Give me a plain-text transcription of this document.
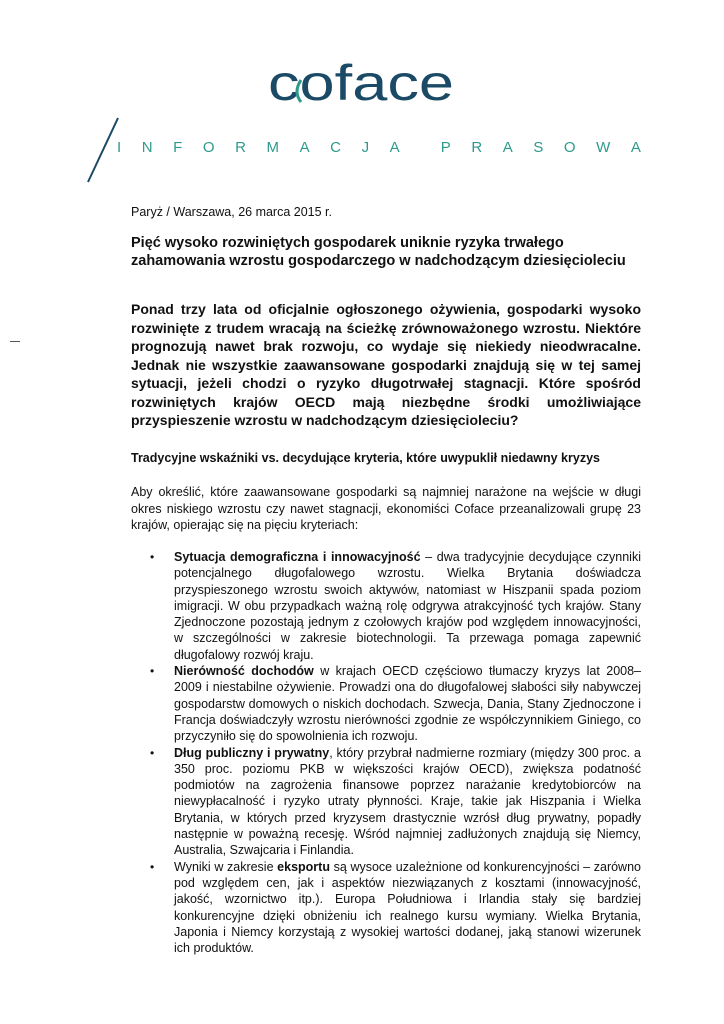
coface
I N F O R M A C J A	P R A S O W A
Paryż / Warszawa, 26 marca 2015 r.
Pięć wysoko rozwiniętych gospodarek uniknie ryzyka trwałego zahamowania wzrostu gospodarczego w nadchodzącym dziesięcioleciu
Ponad trzy lata od oficjalnie ogłoszonego ożywienia, gospodarki wysoko rozwinięte z trudem wracają na ścieżkę zrównoważonego wzrostu. Niektóre prognozują nawet brak rozwoju, co wydaje się niekiedy nieodwracalne. Jednak nie wszystkie zaawansowane gospodarki znajdują się w tej samej sytuacji, jeżeli chodzi o ryzyko długotrwałej stagnacji. Które spośród rozwiniętych krajów OECD mają niezbędne środki umożliwiające przyspieszenie wzrostu w nadchodzącym dziesięcioleciu?
Tradycyjne wskaźniki vs. decydujące kryteria, które uwypuklił niedawny kryzys
Aby określić, które zaawansowane gospodarki są najmniej narażone na wejście w długi okres niskiego wzrostu czy nawet stagnacji, ekonomiści Coface przeanalizowali grupę 23 krajów, opierając się na pięciu kryteriach:
• Sytuacja demograficzna i innowacyjność – dwa tradycyjnie decydujące czynniki potencjalnego długofalowego wzrostu. Wielka Brytania doświadcza przyspieszonego wzrostu swoich aktywów, natomiast w Hiszpanii spada poziom imigracji. W obu przypadkach ważną rolę odgrywa atrakcyjność tych krajów. Stany Zjednoczone pozostają jednym z czołowych krajów pod względem innowacyjności, w szczególności w zakresie biotechnologii. Ta przewaga pomaga zapewnić długofalowy rozwój kraju.
• Nierówność dochodów w krajach OECD częściowo tłumaczy kryzys lat 2008–2009 i niestabilne ożywienie. Prowadzi ona do długofalowej słabości siły nabywczej gospodarstw domowych o niskich dochodach. Szwecja, Dania, Stany Zjednoczone i Francja doświadczyły wzrostu nierówności zgodnie ze współczynnikiem Giniego, co przyczyniło się do spowolnienia ich rozwoju.
• Dług publiczny i prywatny, który przybrał nadmierne rozmiary (między 300 proc. a 350 proc. poziomu PKB w większości krajów OECD), zwiększa podatność podmiotów na zagrożenia finansowe poprzez narażanie kredytobiorców na niewypłacalność i ryzyko utraty płynności. Kraje, takie jak Hiszpania i Wielka Brytania, w których przed kryzysem drastycznie wzrósł dług prywatny, popadły następnie w poważną recesję. Wśród najmniej zadłużonych znajdują się Niemcy, Australia, Szwajcaria i Finlandia.
• Wyniki w zakresie eksportu są wysoce uzależnione od konkurencyjności – zarówno pod względem cen, jak i aspektów niezwiązanych z kosztami (innowacyjność, jakość, wzornictwo itp.). Europa Południowa i Irlandia stały się bardziej konkurencyjne dzięki obniżeniu ich realnego kursu wymiany. Wielka Brytania, Japonia i Niemcy korzystają z wysokiej wartości dodanej, jaką stanowi wizerunek ich produktów.
